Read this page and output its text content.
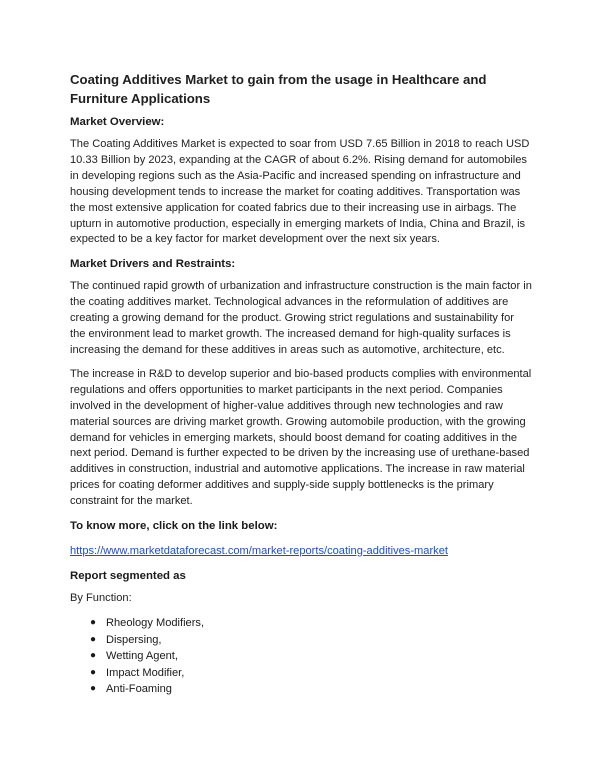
Coating Additives Market to gain from the usage in Healthcare and Furniture Applications
Market Overview:

The Coating Additives Market is expected to soar from USD 7.65 Billion in 2018 to reach USD 10.33 Billion by 2023, expanding at the CAGR of about 6.2%. Rising demand for automobiles in developing regions such as the Asia-Pacific and increased spending on infrastructure and housing development tends to increase the market for coating additives. Transportation was the most extensive application for coated fabrics due to their increasing use in airbags. The upturn in automotive production, especially in emerging markets of India, China and Brazil, is expected to be a key factor for market development over the next six years.

Market Drivers and Restraints:

The continued rapid growth of urbanization and infrastructure construction is the main factor in the coating additives market. Technological advances in the reformulation of additives are creating a growing demand for the product. Growing strict regulations and sustainability for the environment lead to market growth. The increased demand for high-quality surfaces is increasing the demand for these additives in areas such as automotive, architecture, etc.

The increase in R&D to develop superior and bio-based products complies with environmental regulations and offers opportunities to market participants in the next period. Companies involved in the development of higher-value additives through new technologies and raw material sources are driving market growth. Growing automobile production, with the growing demand for vehicles in emerging markets, should boost demand for coating additives in the next period. Demand is further expected to be driven by the increasing use of urethane-based additives in construction, industrial and automotive applications. The increase in raw material prices for coating deformer additives and supply-side supply bottlenecks is the primary constraint for the market.

To know more, click on the link below:
https://www.marketdataforecast.com/market-reports/coating-additives-market
Report segmented as
By Function:
● Rheology Modifiers,
● Dispersing,
● Wetting Agent,
● Impact Modifier,
● Anti-Foaming
